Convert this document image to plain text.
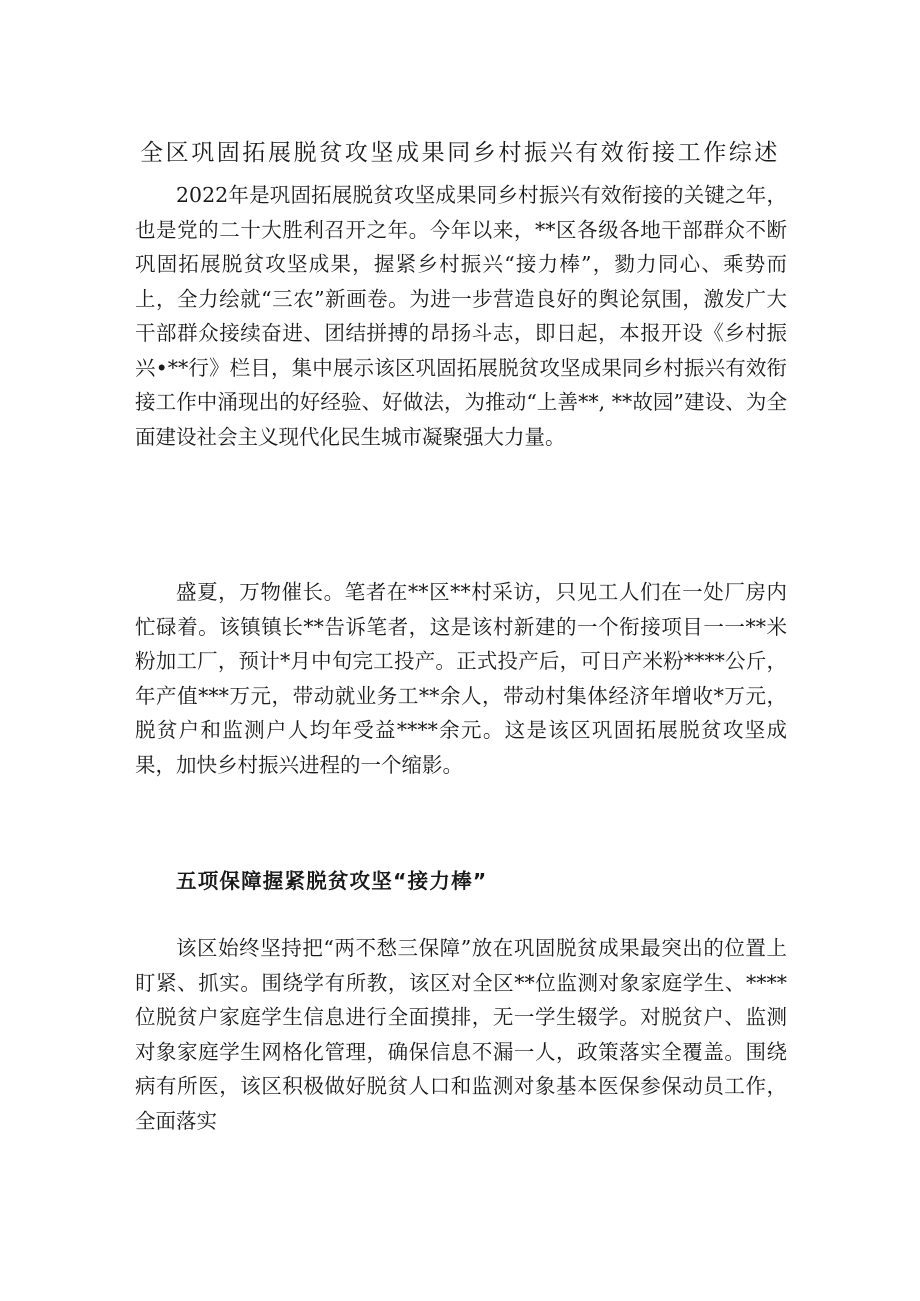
全区巩固拓展脱贫攻坚成果同乡村振兴有效衔接工作综述

2022年是巩固拓展脱贫攻坚成果同乡村振兴有效衔接的关键之年，也是党的二十大胜利召开之年。今年以来，**区各级各地干部群众不断巩固拓展脱贫攻坚成果，握紧乡村振兴“接力棒”，勠力同心、乘势而上，全力绘就“三农”新画卷。为进一步营造良好的舆论氛围，激发广大干部群众接续奋进、团结拼搏的昂扬斗志，即日起，本报开设《乡村振兴•**行》栏目，集中展示该区巩固拓展脱贫攻坚成果同乡村振兴有效衔接工作中涌现出的好经验、好做法，为推动“上善**, **故园”建设、为全面建设社会主义现代化民生城市凝聚强大力量。

盛夏，万物催长。笔者在**区**村采访，只见工人们在一处厂房内忙碌着。该镇镇长**告诉笔者，这是该村新建的一个衔接项目一一**米粉加工厂，预计*月中旬完工投产。正式投产后，可日产米粉****公斤，年产值***万元，带动就业务工**余人，带动村集体经济年增收*万元，脱贫户和监测户人均年受益****余元。这是该区巩固拓展脱贫攻坚成果，加快乡村振兴进程的一个缩影。

五项保障握紧脱贫攻坚“接力棒”

该区始终坚持把“两不愁三保障”放在巩固脱贫成果最突出的位置上盯紧、抓实。围绕学有所教，该区对全区**位监测对象家庭学生、****位脱贫户家庭学生信息进行全面摸排，无一学生辍学。对脱贫户、监测对象家庭学生网格化管理，确保信息不漏一人，政策落实全覆盖。围绕病有所医，该区积极做好脱贫人口和监测对象基本医保参保动员工作，全面落实
